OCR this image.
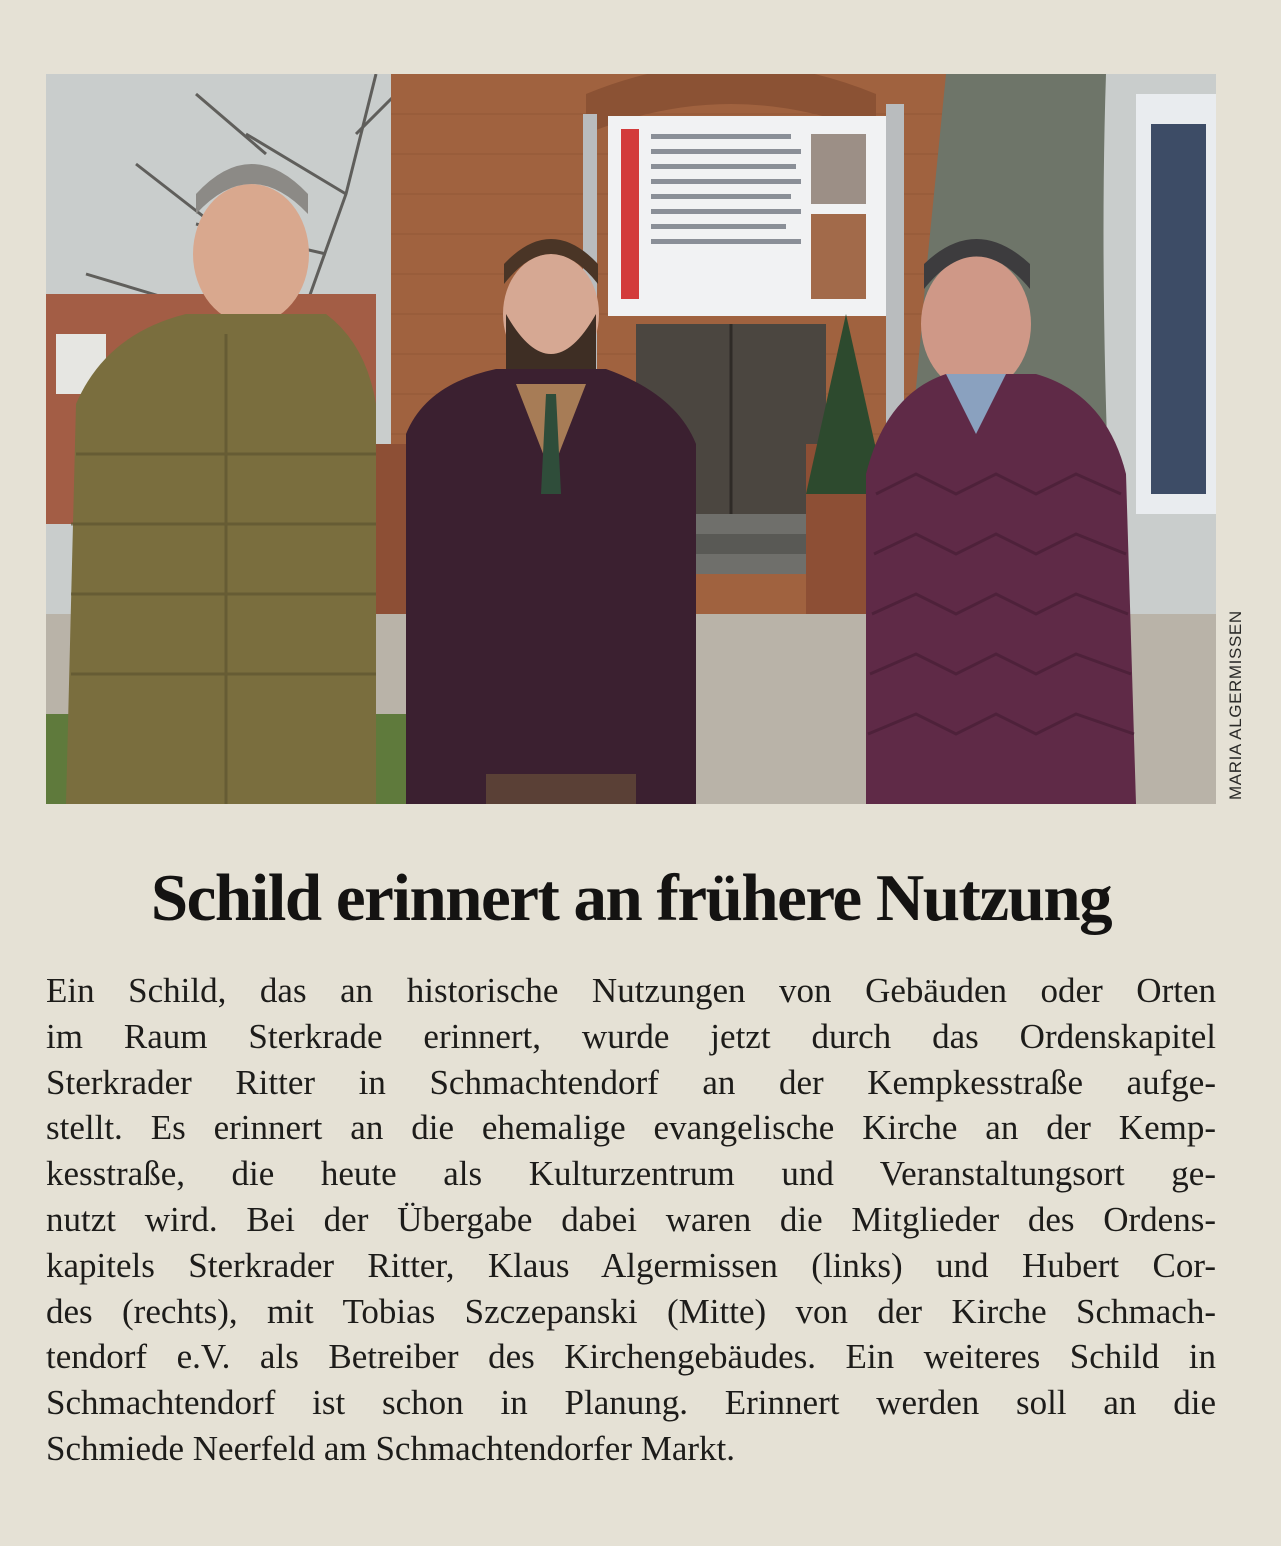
MARIA ALGERMISSEN
Schild erinnert an frühere Nutzung
Ein Schild, das an historische Nutzungen von Gebäuden oder Orten
im Raum Sterkrade erinnert, wurde jetzt durch das Ordenskapitel
Sterkrader Ritter in Schmachtendorf an der Kempkesstraße aufge-
stellt. Es erinnert an die ehemalige evangelische Kirche an der Kemp-
kesstraße, die heute als Kulturzentrum und Veranstaltungsort ge-
nutzt wird. Bei der Übergabe dabei waren die Mitglieder des Ordens-
kapitels Sterkrader Ritter, Klaus Algermissen (links) und Hubert Cor-
des (rechts), mit Tobias Szczepanski (Mitte) von der Kirche Schmach-
tendorf e.V. als Betreiber des Kirchengebäudes. Ein weiteres Schild in
Schmachtendorf ist schon in Planung. Erinnert werden soll an die
Schmiede Neerfeld am Schmachtendorfer Markt.
